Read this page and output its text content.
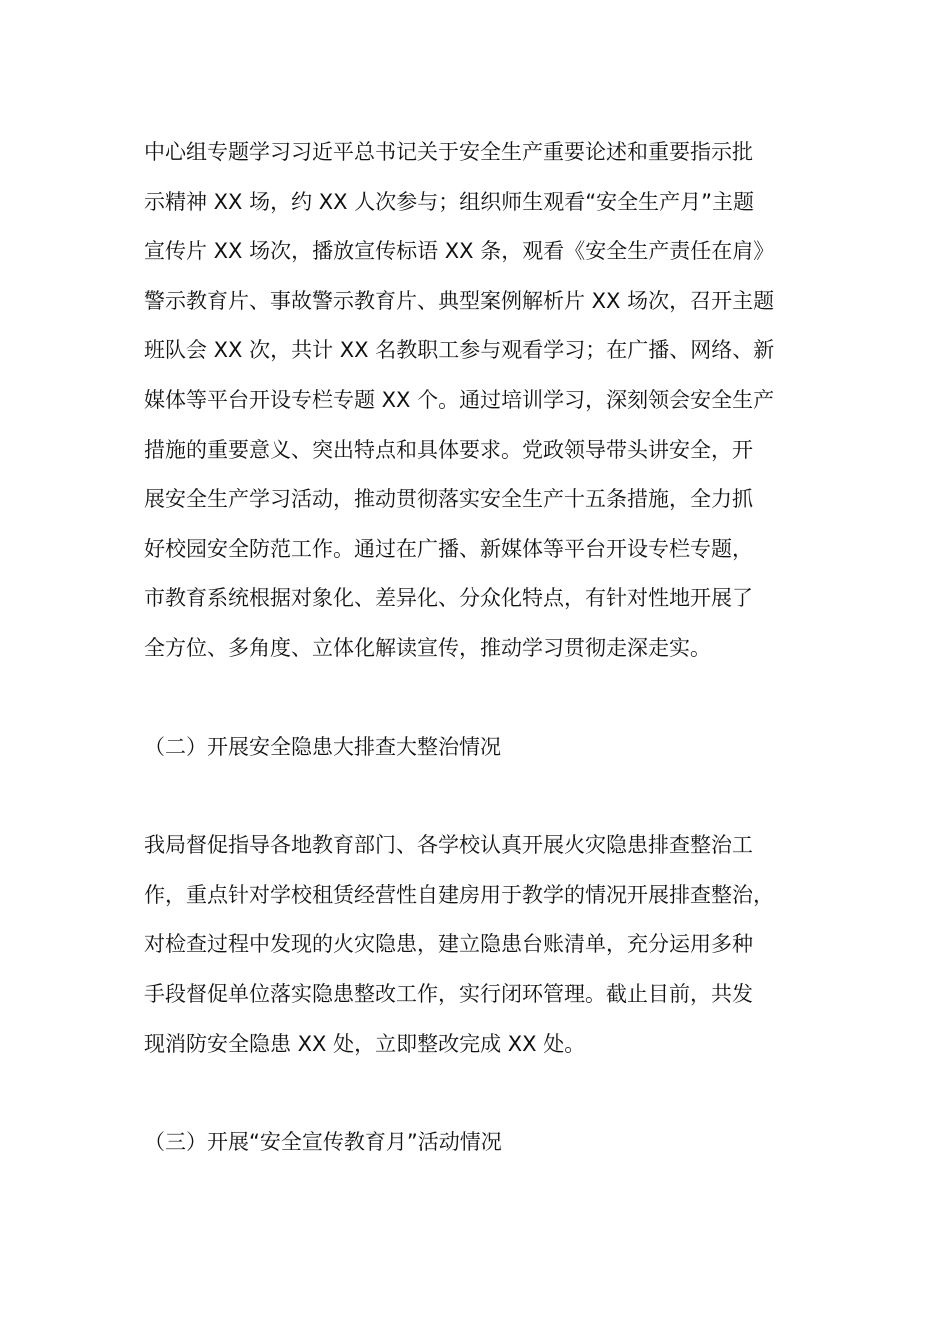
中心组专题学习习近平总书记关于安全生产重要论述和重要指示批
示精神 XX 场，约 XX 人次参与；组织师生观看“安全生产月”主题
宣传片 XX 场次，播放宣传标语 XX 条，观看《安全生产责任在肩》
警示教育片、事故警示教育片、典型案例解析片 XX 场次，召开主题
班队会 XX 次，共计 XX 名教职工参与观看学习；在广播、网络、新
媒体等平台开设专栏专题 XX 个。通过培训学习，深刻领会安全生产
措施的重要意义、突出特点和具体要求。党政领导带头讲安全，开
展安全生产学习活动，推动贯彻落实安全生产十五条措施，全力抓
好校园安全防范工作。通过在广播、新媒体等平台开设专栏专题，
市教育系统根据对象化、差异化、分众化特点，有针对性地开展了
全方位、多角度、立体化解读宣传，推动学习贯彻走深走实。
（二）开展安全隐患大排查大整治情况
我局督促指导各地教育部门、各学校认真开展火灾隐患排查整治工
作，重点针对学校租赁经营性自建房用于教学的情况开展排查整治，
对检查过程中发现的火灾隐患，建立隐患台账清单，充分运用多种
手段督促单位落实隐患整改工作，实行闭环管理。截止目前，共发
现消防安全隐患 XX 处，立即整改完成 XX 处。
（三）开展“安全宣传教育月”活动情况
